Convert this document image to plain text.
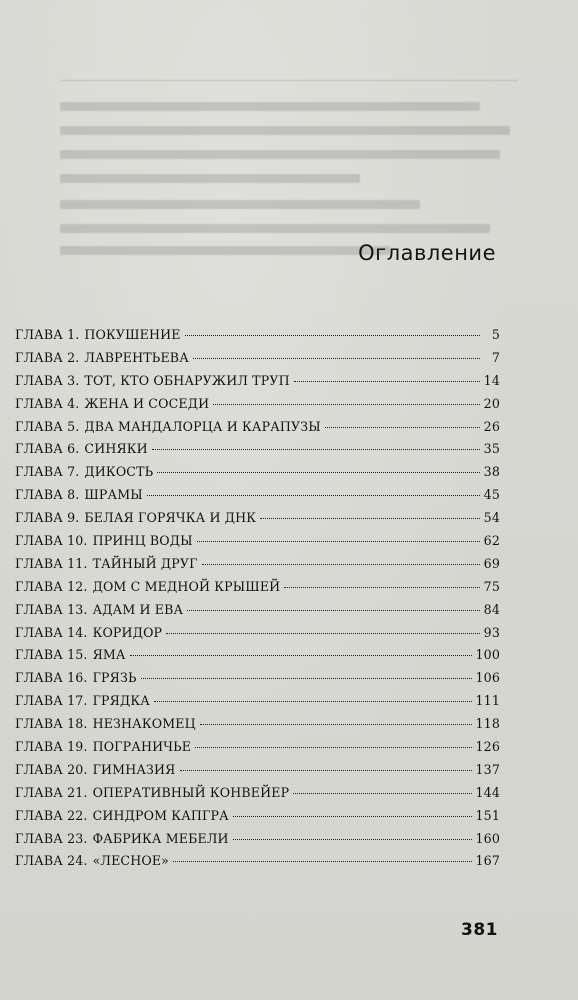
Оглавление
ГЛАВА 1. ПОКУШЕНИЕ	5
ГЛАВА 2. ЛАВРЕНТЬЕВА	7
ГЛАВА 3. ТОТ, КТО ОБНАРУЖИЛ ТРУП	14
ГЛАВА 4. ЖЕНА И СОСЕДИ	20
ГЛАВА 5. ДВА МАНДАЛОРЦА И КАРАПУЗЫ	26
ГЛАВА 6. СИНЯКИ	35
ГЛАВА 7. ДИКОСТЬ	38
ГЛАВА 8. ШРАМЫ	45
ГЛАВА 9. БЕЛАЯ ГОРЯЧКА И ДНК	54
ГЛАВА 10. ПРИНЦ ВОДЫ	62
ГЛАВА 11. ТАЙНЫЙ ДРУГ	69
ГЛАВА 12. ДОМ С МЕДНОЙ КРЫШЕЙ	75
ГЛАВА 13. АДАМ И ЕВА	84
ГЛАВА 14. КОРИДОР	93
ГЛАВА 15. ЯМА	100
ГЛАВА 16. ГРЯЗЬ	106
ГЛАВА 17. ГРЯДКА	111
ГЛАВА 18. НЕЗНАКОМЕЦ	118
ГЛАВА 19. ПОГРАНИЧЬЕ	126
ГЛАВА 20. ГИМНАЗИЯ	137
ГЛАВА 21. ОПЕРАТИВНЫЙ КОНВЕЙЕР	144
ГЛАВА 22. СИНДРОМ КАПГРА	151
ГЛАВА 23. ФАБРИКА МЕБЕЛИ	160
ГЛАВА 24. «ЛЕСНОЕ»	167
381
